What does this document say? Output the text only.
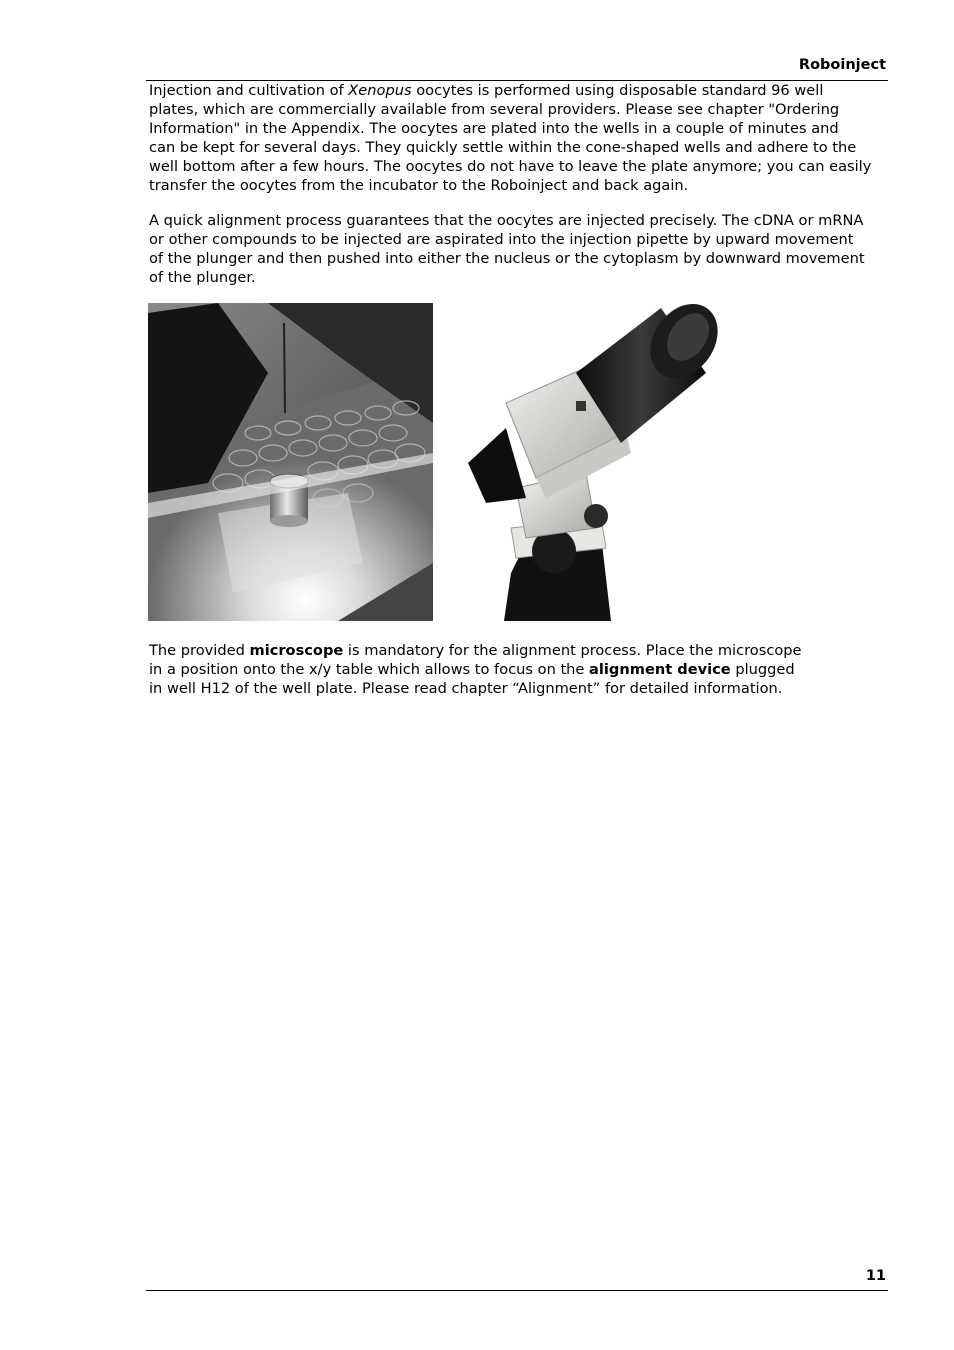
Roboinject

Injection and cultivation of Xenopus oocytes is performed using disposable standard 96 well
plates, which are commercially available from several providers. Please see chapter "Ordering
Information" in the Appendix. The oocytes are plated into the wells in a couple of minutes and
can be kept for several days. They quickly settle within the cone-shaped wells and adhere to the
well bottom after a few hours. The oocytes do not have to leave the plate anymore; you can easily
transfer the oocytes from the incubator to the Roboinject and back again.

A quick alignment process guarantees that the oocytes are injected precisely. The cDNA or mRNA
or other compounds to be injected are aspirated into the injection pipette by upward movement
of the plunger and then pushed into either the nucleus or the cytoplasm by downward movement
of the plunger.

The provided microscope is mandatory for the alignment process. Place the microscope
in a position onto the x/y table which allows to focus on the alignment device plugged
in well H12 of the well plate. Please read chapter “Alignment” for detailed information.

11
